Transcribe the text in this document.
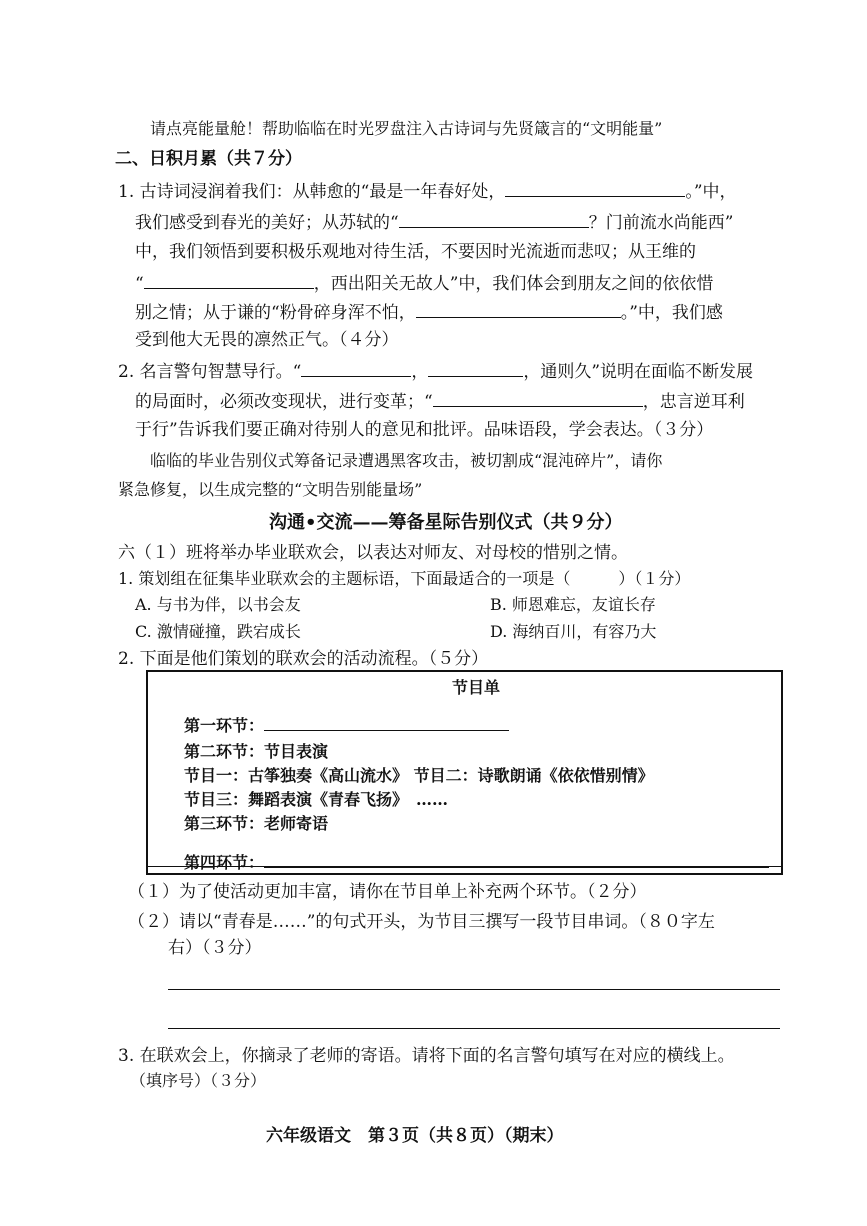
请点亮能量舱！帮助临临在时光罗盘注入古诗词与先贤箴言的“文明能量”
二、日积月累（共７分）
1. 古诗词浸润着我们：从韩愈的“最是一年春好处，	。”中，
我们感受到春光的美好；从苏轼的“	？门前流水尚能西”
中，我们领悟到要积极乐观地对待生活，不要因时光流逝而悲叹；从王维的
“	，西出阳关无故人”中，我们体会到朋友之间的依依惜
别之情；从于谦的“粉骨碎身浑不怕，	。”中，我们感
受到他大无畏的凛然正气。（４分）
2. 名言警句智慧导行。“	，	，通则久”说明在面临不断发展
的局面时，必须改变现状，进行变革；“	，忠言逆耳利
于行”告诉我们要正确对待别人的意见和批评。品味语段，学会表达。（３分）
临临的毕业告别仪式筹备记录遭遇黑客攻击，被切割成“混沌碎片”，请你
紧急修复，以生成完整的“文明告别能量场”
沟通•交流——筹备星际告别仪式（共９分）
六（１）班将举办毕业联欢会，以表达对师友、对母校的惜别之情。
1. 策划组在征集毕业联欢会的主题标语，下面最适合的一项是（　　　）（１分）
A. 与书为伴，以书会友	B. 师恩难忘，友谊长存
C. 激情碰撞，跌宕成长	D. 海纳百川，有容乃大
2. 下面是他们策划的联欢会的活动流程。（５分）
节目单
第一环节：
第二环节：节目表演
节目一：古筝独奏《高山流水》 节目二：诗歌朗诵《依依惜别情》
节目三：舞蹈表演《青春飞扬》　……
第三环节：老师寄语
第四环节：
（１）为了使活动更加丰富，请你在节目单上补充两个环节。（２分）
（２）请以“青春是……”的句式开头，为节目三撰写一段节目串词。（８０字左
右）（３分）
3. 在联欢会上，你摘录了老师的寄语。请将下面的名言警句填写在对应的横线上。
（填序号）（３分）
六年级语文　第３页（共８页）（期末）
